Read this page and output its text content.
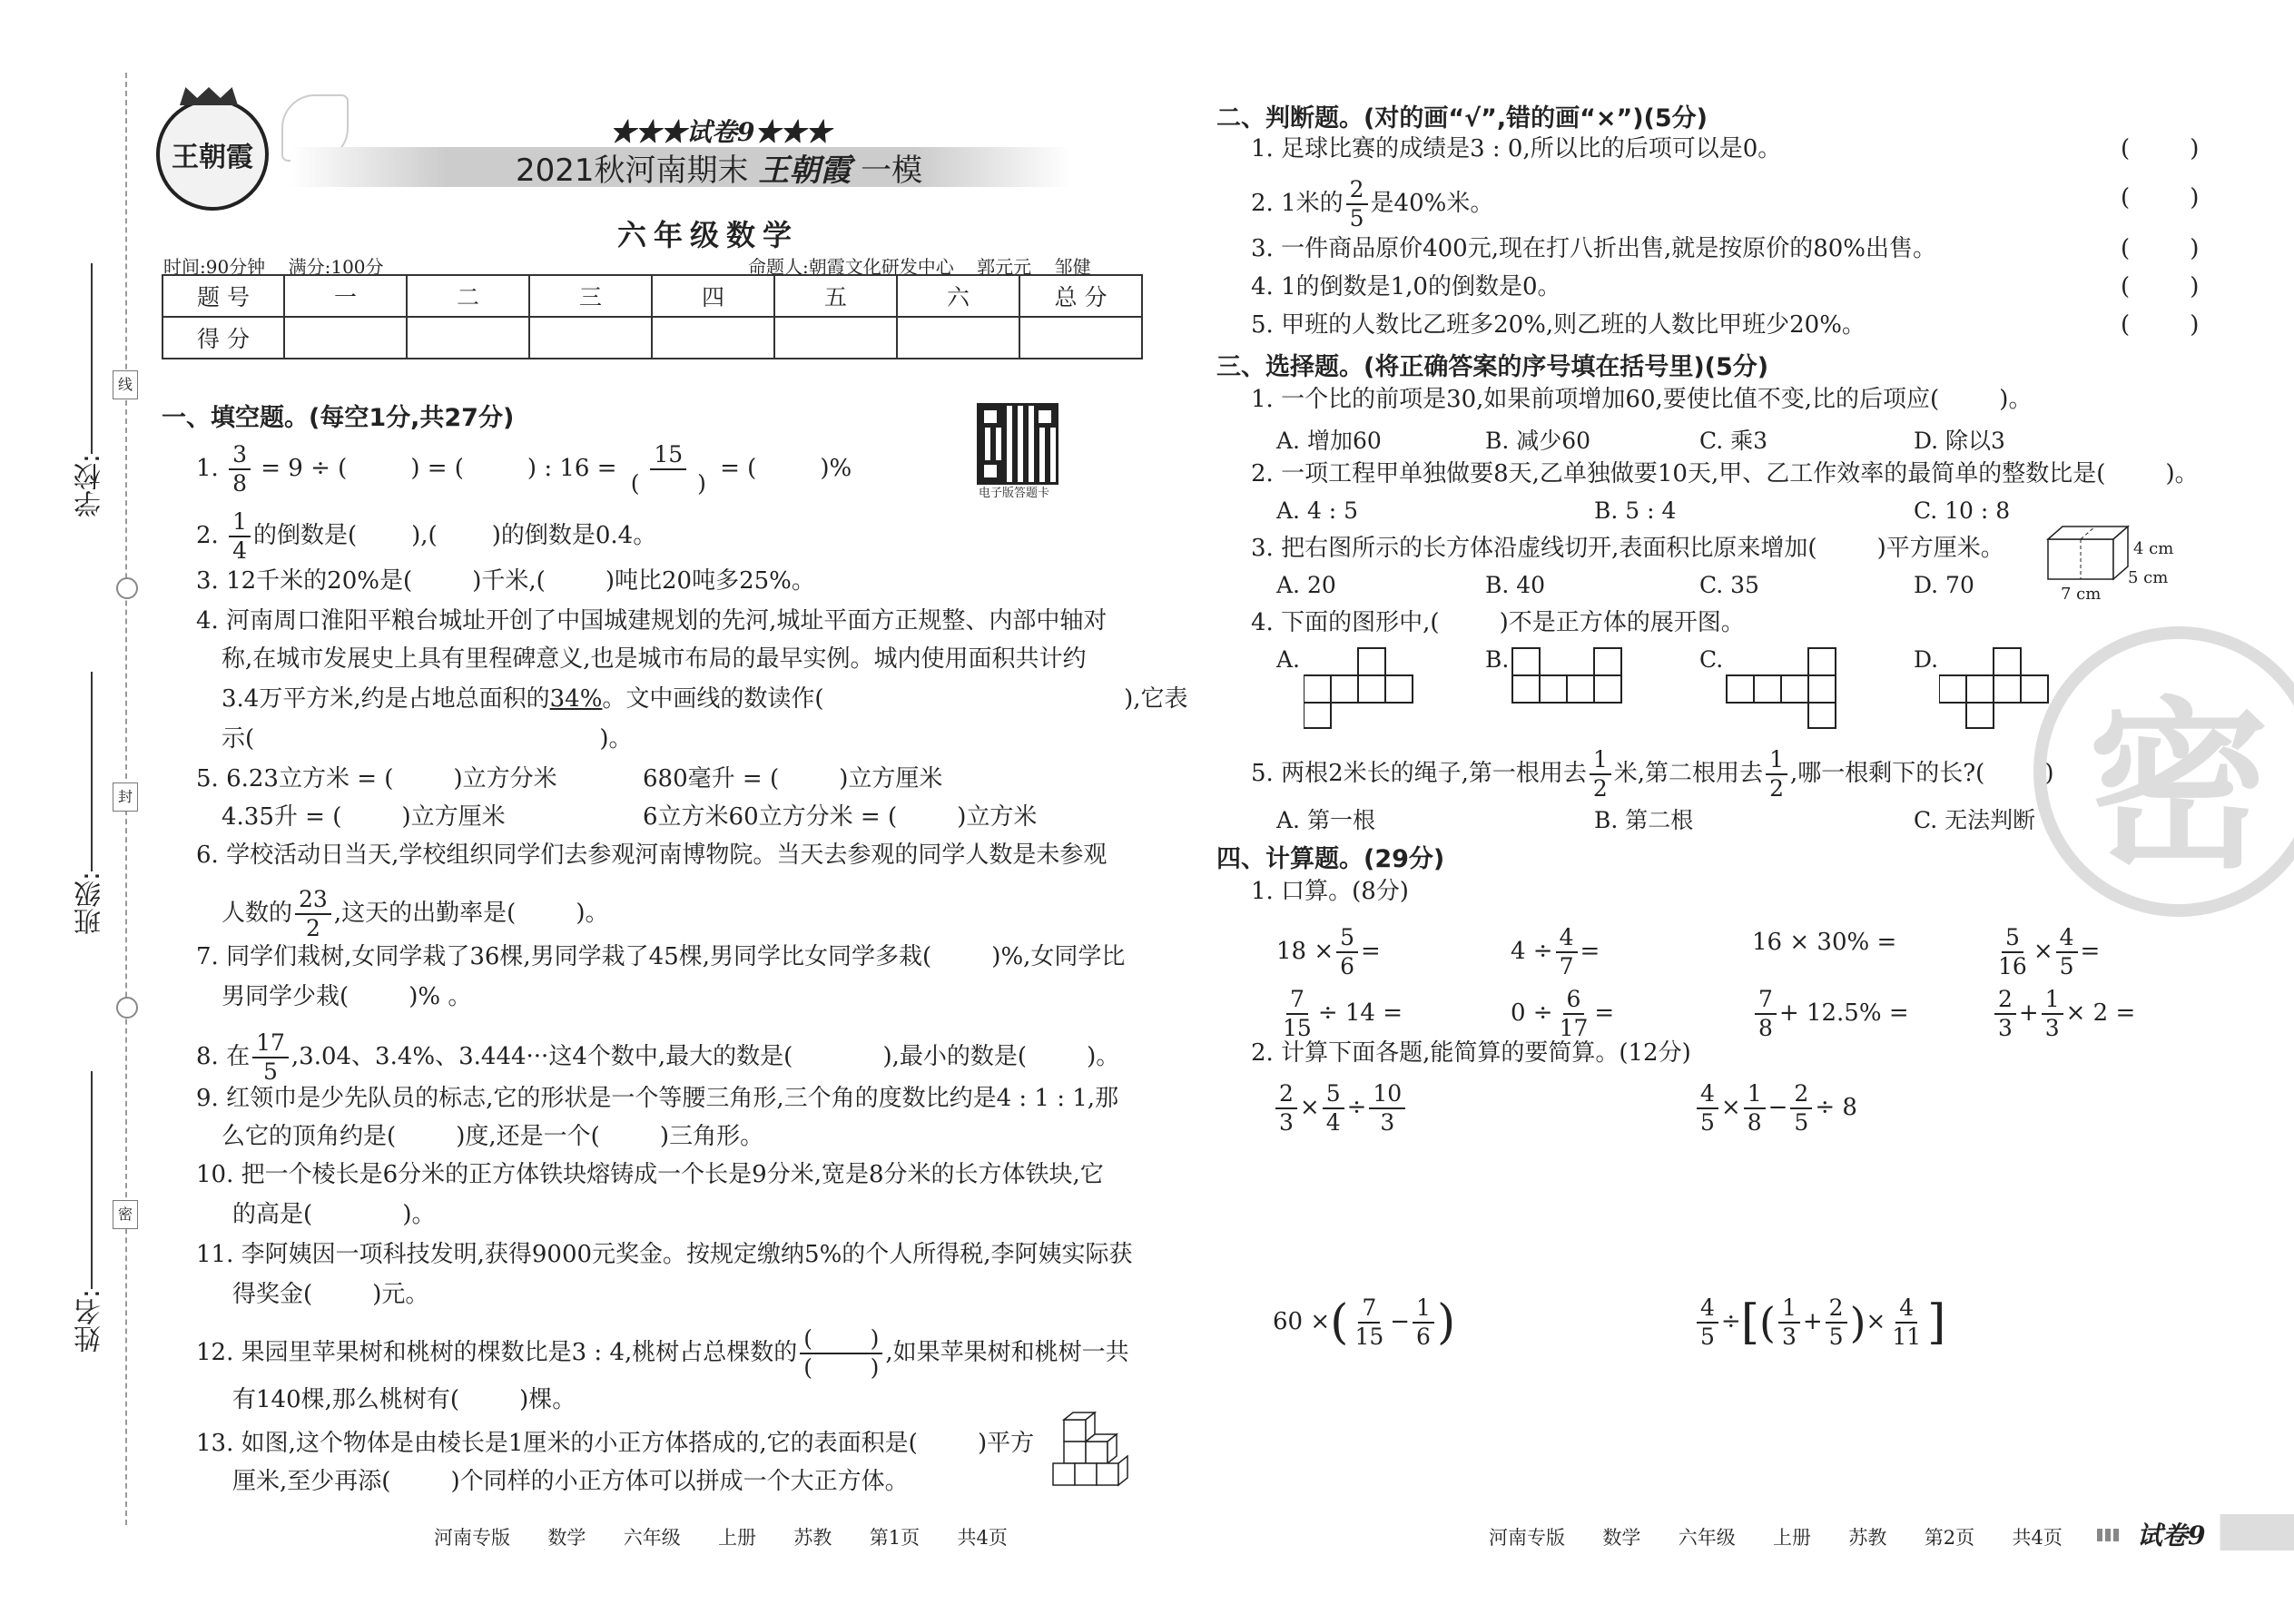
线
封
密
学校:
班级:
姓名:
王朝霞
★★★试卷9★★★
2021秋河南期末 王朝霞 一模
六年级数学
时间:90分钟    满分:100分	命题人:朝霞文化研发中心    郭元元    邹健
题 号	一	二	三	四	五	六	总 分
得 分							
电子版答题卡
一、填空题。(每空1分,共27分)
1. $\frac{3}{8} = 9$ ÷ (	) = (	) : 16 =
15
(        )
= (	)%
2. $\frac{1}{4}$ 的倒数是( ),( )的倒数是0.4。
3. 12千米的20%是(        )千米,(        )吨比20吨多25%。
4. 河南周口淮阳平粮台城址开创了中国城建规划的先河,城址平面方正规整、内部中轴对
称,在城市发展史上具有里程碑意义,也是城市布局的最早实例。城内使用面积共计约
3.4万平方米,约是占地总面积的34%。文中画线的数读作(                                        ),它表
示(                                              )。
5. 6.23立方米 = (        )立方分米	680毫升 = (        )立方厘米
4.35升 = (        )立方厘米	6立方米60立方分米 = (        )立方米
6. 学校活动日当天,学校组织同学们去参观河南博物院。当天去参观的同学人数是未参观
人数的 $\frac{23}{2}$ ,这天的出勤率是(        )。
7. 同学们栽树,女同学栽了36棵,男同学栽了45棵,男同学比女同学多栽(        )%,女同学比
男同学少栽(        )% 。
8. 在 $\frac{17}{5} ,3.04$、3.4%、3.444···这4个数中,最大的数是(            ),最小的数是(        )。
9. 红领巾是少先队员的标志,它的形状是一个等腰三角形,三个角的度数比约是4 : 1 : 1,那
么它的顶角约是(        )度,还是一个(        )三角形。
10. 把一个棱长是6分米的正方体铁块熔铸成一个长是9分米,宽是8分米的长方体铁块,它
的高是(            )。
11. 李阿姨因一项科技发明,获得9000元奖金。按规定缴纳5%的个人所得税,李阿姨实际获
得奖金(        )元。
12. 果园里苹果树和桃树的棵数比是3 : 4,桃树占总棵数的
(        )
(        )
,如果苹果树和桃树一共
有140棵,那么桃树有(        )棵。
13. 如图,这个物体是由棱长是1厘米的小正方体搭成的,它的表面积是(        )平方
厘米,至少再添(        )个同样的小正方体可以拼成一个大正方体。
二、判断题。(对的画“√”,错的画“×”)(5分)
1. 足球比赛的成绩是3 : 0,所以比的后项可以是0。
2. 1米的 $\frac{2}{5}$ 是40%米。
3. 一件商品原价400元,现在打八折出售,就是按原价的80%出售。
4. 1的倒数是1,0的倒数是0。
5. 甲班的人数比乙班多20%,则乙班的人数比甲班少20%。
(        )
(        )
(        )
(        )
(        )
三、选择题。(将正确答案的序号填在括号里)(5分)
1. 一个比的前项是30,如果前项增加60,要使比值不变,比的后项应(        )。
A. 增加60	B. 减少60	C. 乘3	D. 除以3
2. 一项工程甲单独做要8天,乙单独做要10天,甲、乙工作效率的最简单的整数比是(        )。
A. 4 : 5	B. 5 : 4	C. 10 : 8
3. 把右图所示的长方体沿虚线切开,表面积比原来增加(        )平方厘米。
A. 20	B. 40	C. 35	D. 70
4 cm
5 cm
7 cm
4. 下面的图形中,(        )不是正方体的展开图。
A.	B.	C.	D.
5. 两根2米长的绳子,第一根用去 $\frac{1}{2}$ 米,第二根用去 $\frac{1}{2}$ ,哪一根剩下的长?(        )
A. 第一根	B. 第二根	C. 无法判断
四、计算题。(29分)
1. 口算。(8分)
$18 \times \frac{5}{6}$ =	$4 \div \frac{4}{7}$ =	16 × 30% =	$\frac{5}{16} \times \frac{4}{5}$ =
$\frac{7}{15} \div 14$ =	$0 \div \frac{6}{17}$ =	$\frac{7}{8} + 12.5\%$ =	$\frac{2}{3} + \frac{1}{3} \times 2$ =
2. 计算下面各题,能简算的要简算。(12分)
$\frac{2}{3} \times \frac{5}{4} \div \frac{10}{3}$	$\frac{4}{5} \times \frac{1}{8} - \frac{2}{5} \div 8$
60 ×( $\frac{7}{15} - \frac{1}{6}$ )	$\frac{4}{5}$ ÷[( $\frac{1}{3} + \frac{2}{5}$ )× $\frac{4}{11}$ ]
密
河南专版  数学  六年级  上册  苏教  第1页  共4页	河南专版  数学  六年级  上册  苏教  第2页  共4页	试卷9
